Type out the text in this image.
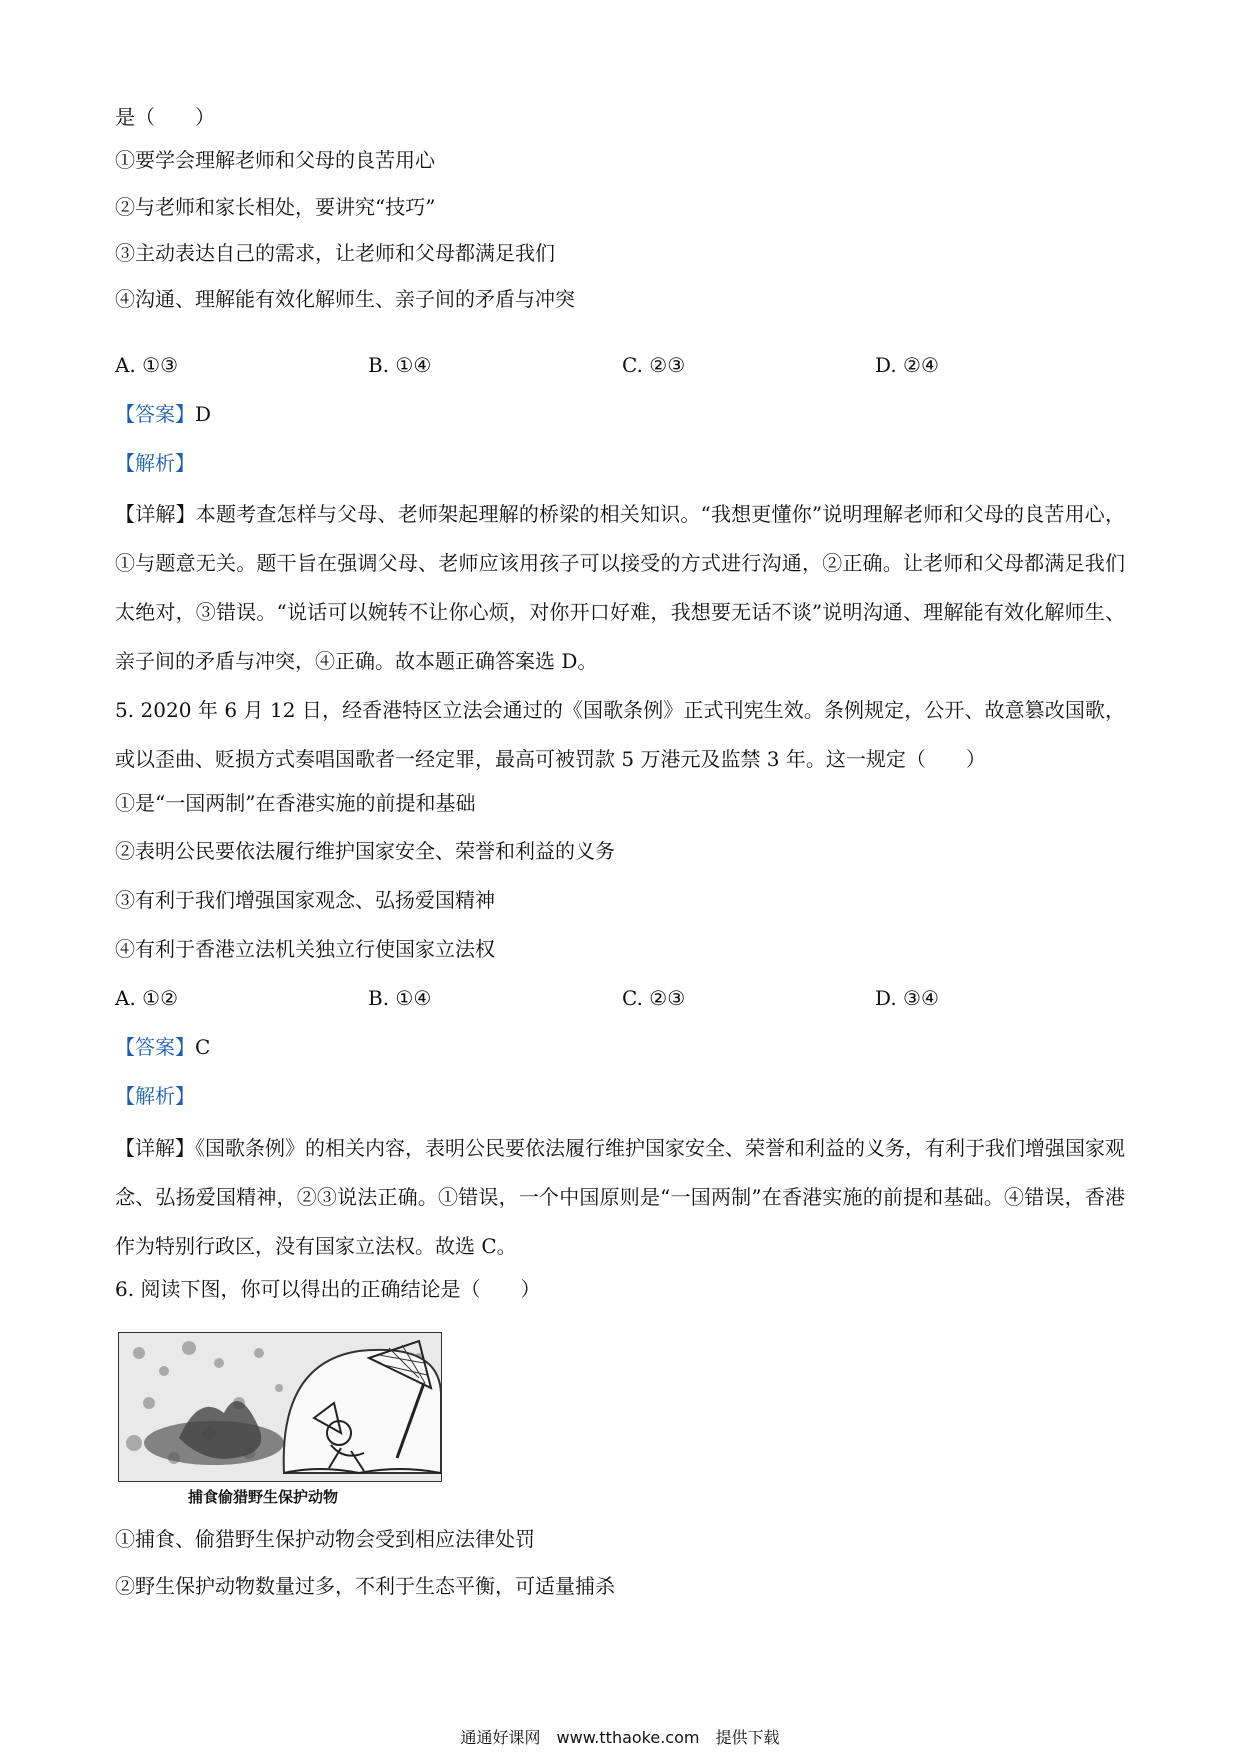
是（　　）
①要学会理解老师和父母的良苦用心
②与老师和家长相处，要讲究“技巧”
③主动表达自己的需求，让老师和父母都满足我们
④沟通、理解能有效化解师生、亲子间的矛盾与冲突
A. ①③	B. ①④	C. ②③	D. ②④
【答案】D
【解析】
【详解】本题考查怎样与父母、老师架起理解的桥梁的相关知识。“我想更懂你”说明理解老师和父母的良苦用心，①与题意无关。题干旨在强调父母、老师应该用孩子可以接受的方式进行沟通，②正确。让老师和父母都满足我们太绝对，③错误。“说话可以婉转不让你心烦，对你开口好难，我想要无话不谈”说明沟通、理解能有效化解师生、亲子间的矛盾与冲突，④正确。故本题正确答案选 D。
5. 2020 年 6 月 12 日，经香港特区立法会通过的《国歌条例》正式刊宪生效。条例规定，公开、故意篡改国歌，或以歪曲、贬损方式奏唱国歌者一经定罪，最高可被罚款 5 万港元及监禁 3 年。这一规定（　　）
①是“一国两制”在香港实施的前提和基础
②表明公民要依法履行维护国家安全、荣誉和利益的义务
③有利于我们增强国家观念、弘扬爱国精神
④有利于香港立法机关独立行使国家立法权
A. ①②	B. ①④	C. ②③	D. ③④
【答案】C
【解析】
【详解】《国歌条例》的相关内容，表明公民要依法履行维护国家安全、荣誉和利益的义务，有利于我们增强国家观念、弘扬爱国精神，②③说法正确。①错误，一个中国原则是“一国两制”在香港实施的前提和基础。④错误，香港作为特别行政区，没有国家立法权。故选 C。
6. 阅读下图，你可以得出的正确结论是（　　）
捕食偷猎野生保护动物
①捕食、偷猎野生保护动物会受到相应法律处罚
②野生保护动物数量过多，不利于生态平衡，可适量捕杀
通通好课网　www.tthaoke.com　提供下载
